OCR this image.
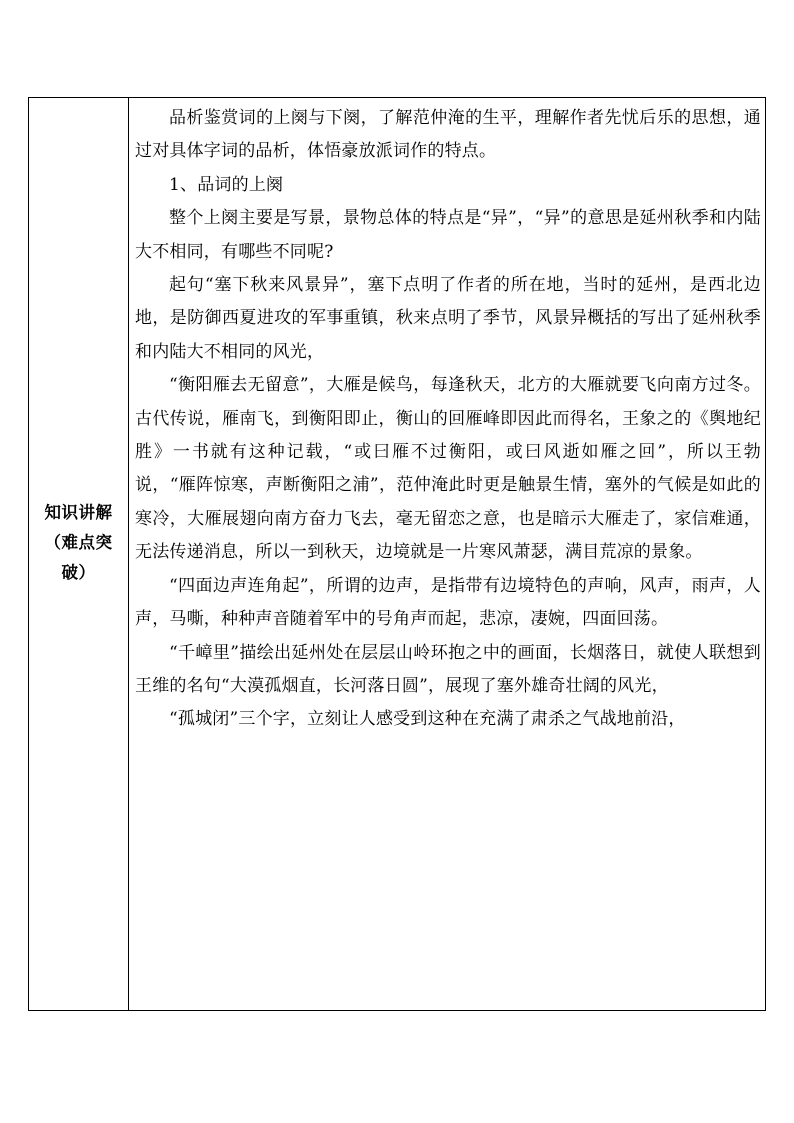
知识讲解
（难点突破）

品析鉴赏词的上阕与下阕，了解范仲淹的生平，理解作者先忧后乐的思想，通过对具体字词的品析，体悟豪放派词作的特点。

1、品词的上阕

整个上阕主要是写景，景物总体的特点是“异”，“异”的意思是延州秋季和内陆大不相同，有哪些不同呢?

起句“塞下秋来风景异”，塞下点明了作者的所在地，当时的延州，是西北边地，是防御西夏进攻的军事重镇，秋来点明了季节，风景异概括的写出了延州秋季和内陆大不相同的风光，

“衡阳雁去无留意”，大雁是候鸟，每逢秋天，北方的大雁就要飞向南方过冬。古代传说，雁南飞，到衡阳即止，衡山的回雁峰即因此而得名，王象之的《舆地纪胜》一书就有这种记载，“或曰雁不过衡阳，或曰风逝如雁之回”，所以王勃说，“雁阵惊寒，声断衡阳之浦”，范仲淹此时更是触景生情，塞外的气候是如此的寒冷，大雁展翅向南方奋力飞去，毫无留恋之意，也是暗示大雁走了，家信难通，无法传递消息，所以一到秋天，边境就是一片寒风萧瑟，满目荒凉的景象。

“四面边声连角起”，所谓的边声，是指带有边境特色的声响，风声，雨声，人声，马嘶，种种声音随着军中的号角声而起，悲凉，凄婉，四面回荡。

“千嶂里”描绘出延州处在层层山岭环抱之中的画面，长烟落日，就使人联想到王维的名句“大漠孤烟直，长河落日圆”，展现了塞外雄奇壮阔的风光，

“孤城闭”三个字，立刻让人感受到这种在充满了肃杀之气战地前沿，
